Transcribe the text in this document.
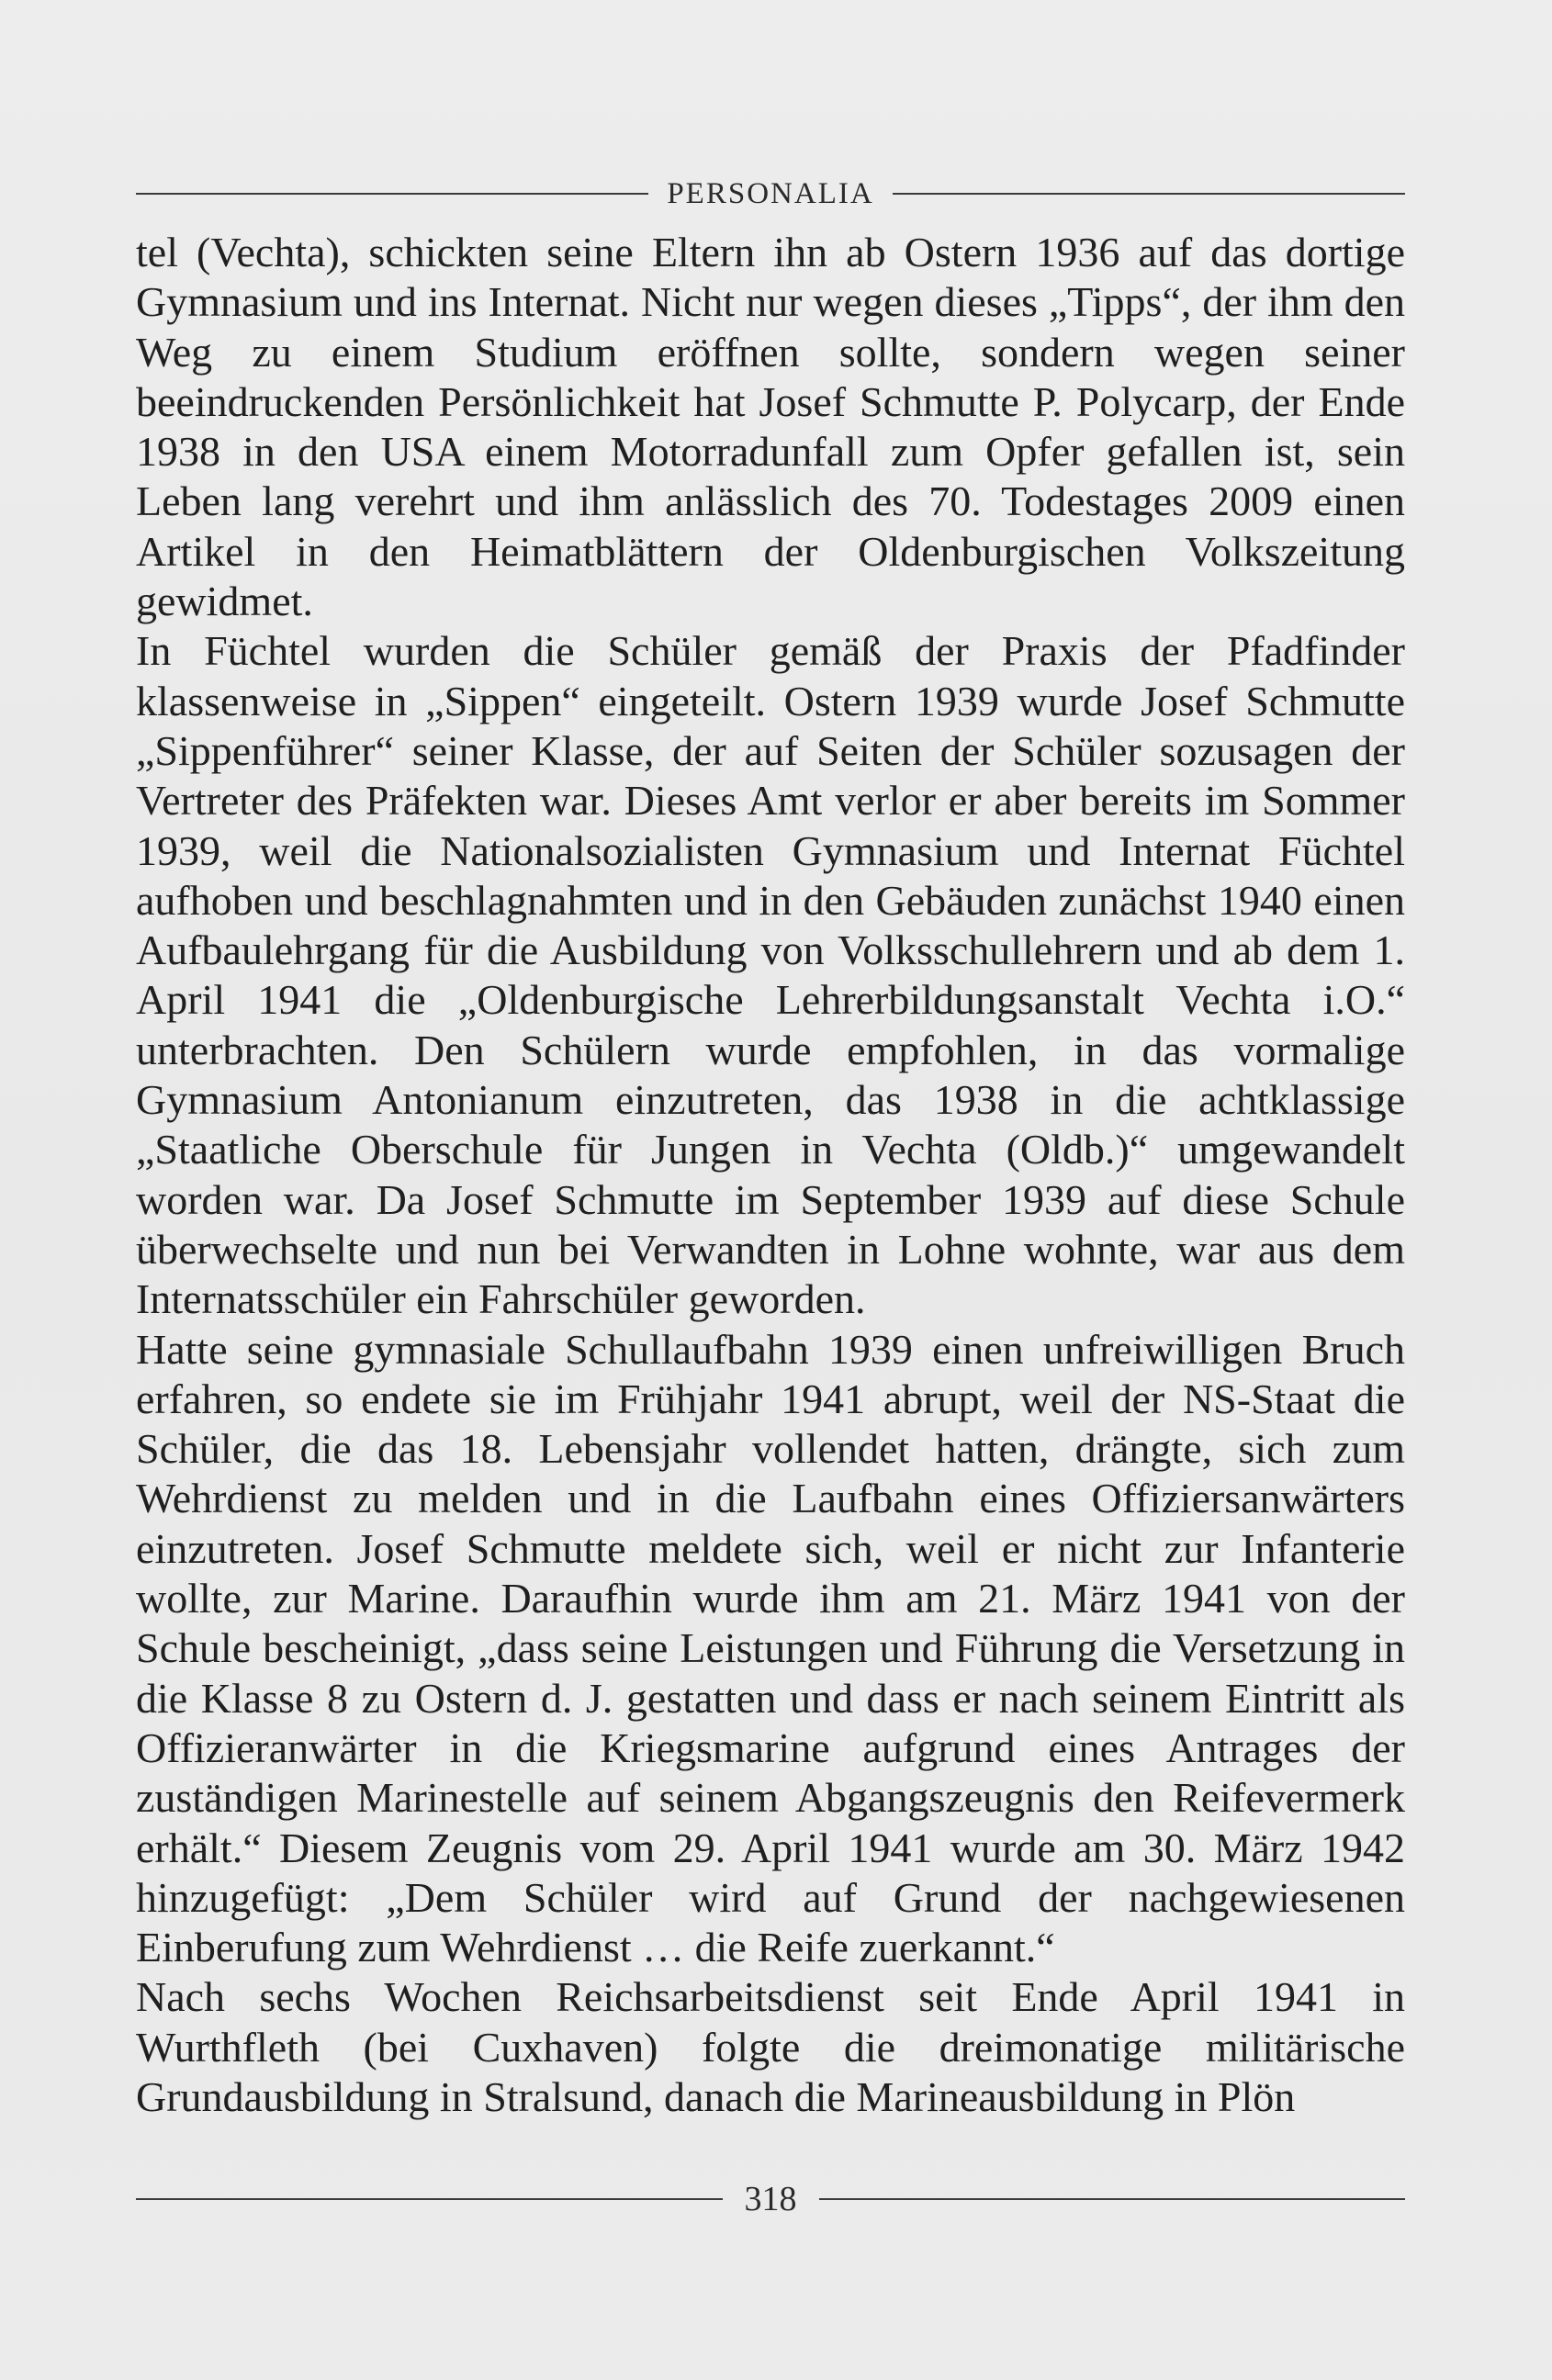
PERSONALIA

tel (Vechta), schickten seine Eltern ihn ab Ostern 1936 auf das dortige Gymnasium und ins Internat. Nicht nur wegen dieses „Tipps“, der ihm den Weg zu einem Studium eröffnen sollte, sondern wegen seiner beeindruckenden Persönlichkeit hat Josef Schmutte P. Polycarp, der Ende 1938 in den USA einem Motorradunfall zum Opfer gefallen ist, sein Leben lang verehrt und ihm anlässlich des 70. Todestages 2009 einen Artikel in den Heimatblättern der Oldenburgischen Volkszeitung gewidmet.

In Füchtel wurden die Schüler gemäß der Praxis der Pfadfinder klassenweise in „Sippen“ eingeteilt. Ostern 1939 wurde Josef Schmutte „Sippenführer“ seiner Klasse, der auf Seiten der Schüler sozusagen der Vertreter des Präfekten war. Dieses Amt verlor er aber bereits im Sommer 1939, weil die Nationalsozialisten Gymnasium und Internat Füchtel aufhoben und beschlagnahmten und in den Gebäuden zunächst 1940 einen Aufbaulehrgang für die Ausbildung von Volksschullehrern und ab dem 1. April 1941 die „Oldenburgische Lehrerbildungsanstalt Vechta i.O.“ unterbrachten. Den Schülern wurde empfohlen, in das vormalige Gymnasium Antonianum einzutreten, das 1938 in die achtklassige „Staatliche Oberschule für Jungen in Vechta (Oldb.)“ umgewandelt worden war. Da Josef Schmutte im September 1939 auf diese Schule überwechselte und nun bei Verwandten in Lohne wohnte, war aus dem Internatsschüler ein Fahrschüler geworden.

Hatte seine gymnasiale Schullaufbahn 1939 einen unfreiwilligen Bruch erfahren, so endete sie im Frühjahr 1941 abrupt, weil der NS-Staat die Schüler, die das 18. Lebensjahr vollendet hatten, drängte, sich zum Wehrdienst zu melden und in die Laufbahn eines Offiziersanwärters einzutreten. Josef Schmutte meldete sich, weil er nicht zur Infanterie wollte, zur Marine. Daraufhin wurde ihm am 21. März 1941 von der Schule bescheinigt, „dass seine Leistungen und Führung die Versetzung in die Klasse 8 zu Ostern d. J. gestatten und dass er nach seinem Eintritt als Offizieranwärter in die Kriegsmarine aufgrund eines Antrages der zuständigen Marinestelle auf seinem Abgangszeugnis den Reifevermerk erhält.“ Diesem Zeugnis vom 29. April 1941 wurde am 30. März 1942 hinzugefügt: „Dem Schüler wird auf Grund der nachgewiesenen Einberufung zum Wehrdienst … die Reife zuerkannt.“

Nach sechs Wochen Reichsarbeitsdienst seit Ende April 1941 in Wurthfleth (bei Cuxhaven) folgte die dreimonatige militärische Grundausbildung in Stralsund, danach die Marineausbildung in Plön

318
